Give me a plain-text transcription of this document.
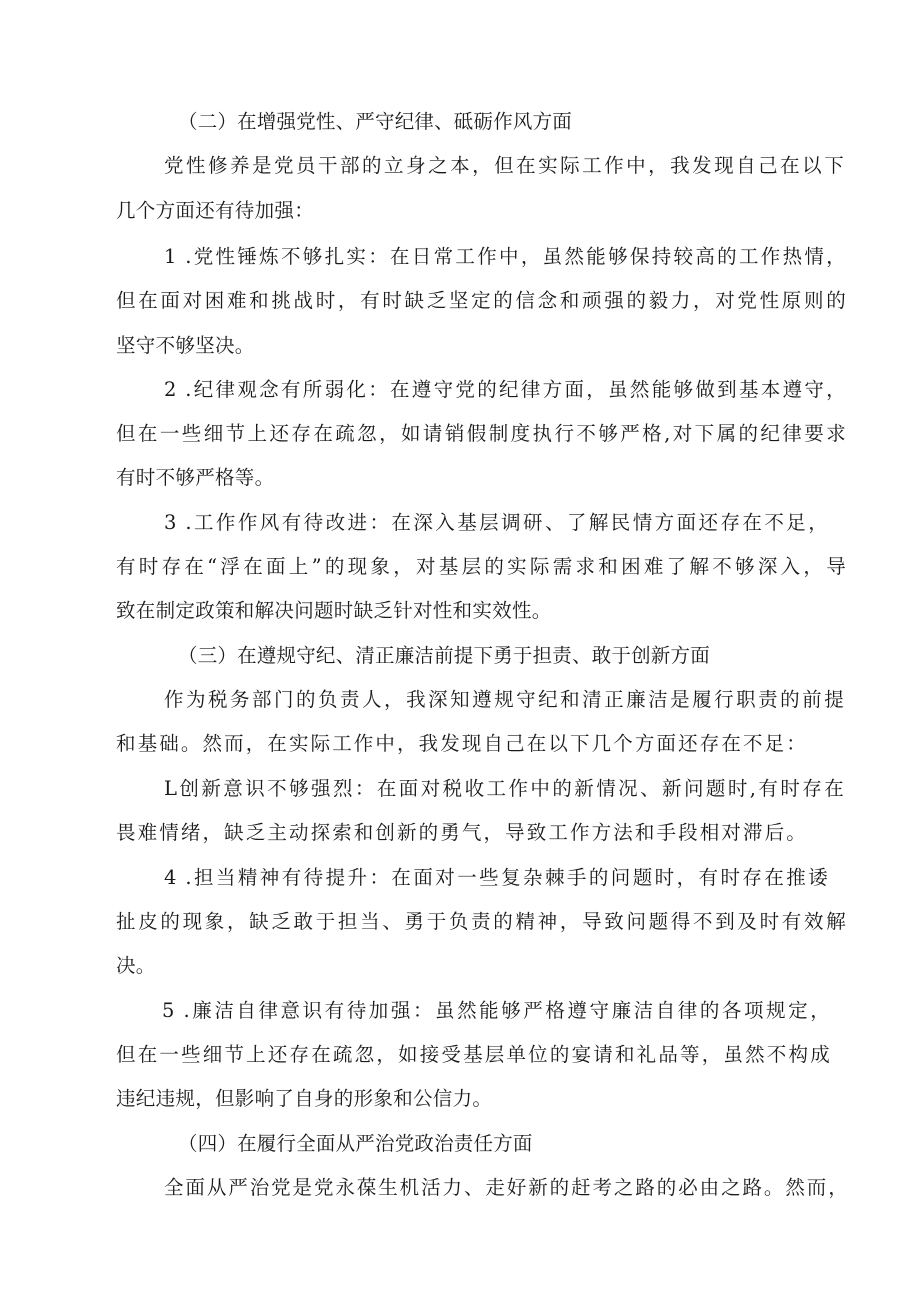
（二）在增强党性、严守纪律、砥砺作风方面
党性修养是党员干部的立身之本，但在实际工作中，我发现自己在以下
几个方面还有待加强：
1 .党性锤炼不够扎实：在日常工作中，虽然能够保持较高的工作热情，
但在面对困难和挑战时，有时缺乏坚定的信念和顽强的毅力，对党性原则的
坚守不够坚决。
2 .纪律观念有所弱化：在遵守党的纪律方面，虽然能够做到基本遵守，
但在一些细节上还存在疏忽，如请销假制度执行不够严格,对下属的纪律要求
有时不够严格等。
3 .工作作风有待改进：在深入基层调研、了解民情方面还存在不足，
有时存在“浮在面上”的现象，对基层的实际需求和困难了解不够深入，导
致在制定政策和解决问题时缺乏针对性和实效性。
（三）在遵规守纪、清正廉洁前提下勇于担责、敢于创新方面
作为税务部门的负责人，我深知遵规守纪和清正廉洁是履行职责的前提
和基础。然而，在实际工作中，我发现自己在以下几个方面还存在不足：
L创新意识不够强烈：在面对税收工作中的新情况、新问题时,有时存在
畏难情绪，缺乏主动探索和创新的勇气，导致工作方法和手段相对滞后。
4 .担当精神有待提升：在面对一些复杂棘手的问题时，有时存在推诿
扯皮的现象，缺乏敢于担当、勇于负责的精神，导致问题得不到及时有效解
决。
5 .廉洁自律意识有待加强：虽然能够严格遵守廉洁自律的各项规定，
但在一些细节上还存在疏忽，如接受基层单位的宴请和礼品等，虽然不构成
违纪违规，但影响了自身的形象和公信力。
（四）在履行全面从严治党政治责任方面
全面从严治党是党永葆生机活力、走好新的赶考之路的必由之路。然而，
